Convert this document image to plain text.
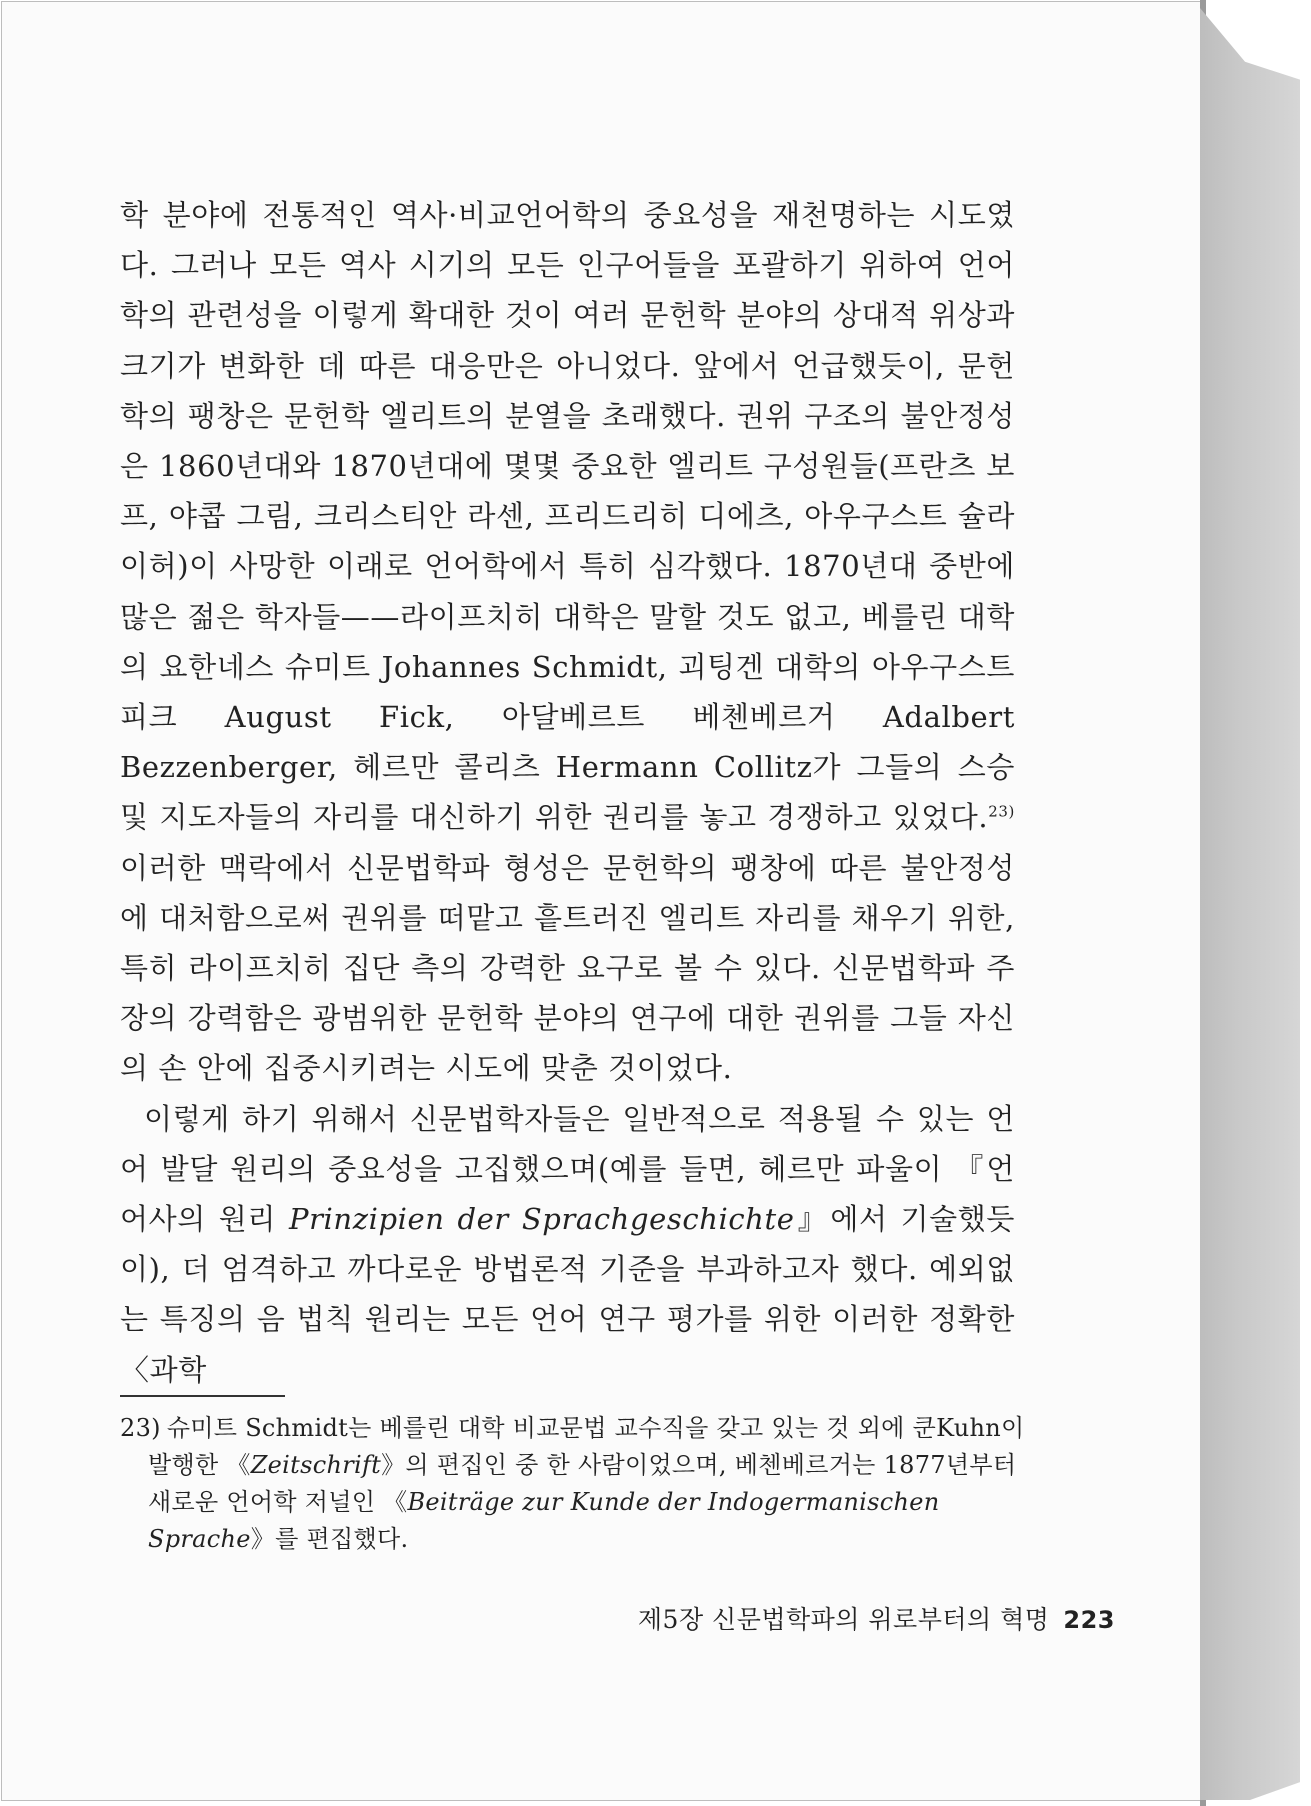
학 분야에 전통적인 역사·비교언어학의 중요성을 재천명하는 시도였다. 그러나 모든 역사 시기의 모든 인구어들을 포괄하기 위하여 언어학의 관련성을 이렇게 확대한 것이 여러 문헌학 분야의 상대적 위상과 크기가 변화한 데 따른 대응만은 아니었다. 앞에서 언급했듯이, 문헌학의 팽창은 문헌학 엘리트의 분열을 초래했다. 권위 구조의 불안정성은 1860년대와 1870년대에 몇몇 중요한 엘리트 구성원들(프란츠 보프, 야콥 그림, 크리스티안 라센, 프리드리히 디에츠, 아우구스트 슐라이허)이 사망한 이래로 언어학에서 특히 심각했다. 1870년대 중반에 많은 젊은 학자들——라이프치히 대학은 말할 것도 없고, 베를린 대학의 요한네스 슈미트 Johannes Schmidt, 괴팅겐 대학의 아우구스트 피크 August Fick, 아달베르트 베첸베르거 Adalbert Bezzenberger, 헤르만 콜리츠 Hermann Collitz가 그들의 스승 및 지도자들의 자리를 대신하기 위한 권리를 놓고 경쟁하고 있었다.$^{23)}$ 이러한 맥락에서 신문법학파 형성은 문헌학의 팽창에 따른 불안정성에 대처함으로써 권위를 떠맡고 흩트러진 엘리트 자리를 채우기 위한, 특히 라이프치히 집단 측의 강력한 요구로 볼 수 있다. 신문법학파 주장의 강력함은 광범위한 문헌학 분야의 연구에 대한 권위를 그들 자신의 손 안에 집중시키려는 시도에 맞춘 것이었다.

이렇게 하기 위해서 신문법학자들은 일반적으로 적용될 수 있는 언어 발달 원리의 중요성을 고집했으며(예를 들면, 헤르만 파울이 『언어사의 원리 Prinzipien der Sprachgeschichte』에서 기술했듯이), 더 엄격하고 까다로운 방법론적 기준을 부과하고자 했다. 예외없는 특징의 음 법칙 원리는 모든 언어 연구 평가를 위한 이러한 정확한 〈과학

23) 슈미트 Schmidt는 베를린 대학 비교문법 교수직을 갖고 있는 것 외에 쿤Kuhn이 발행한 《Zeitschrift》의 편집인 중 한 사람이었으며, 베첸베르거는 1877년부터 새로운 언어학 저널인 《Beiträge zur Kunde der Indogermanischen Sprache》를 편집했다.
제5장 신문법학파의 위로부터의 혁명 223
